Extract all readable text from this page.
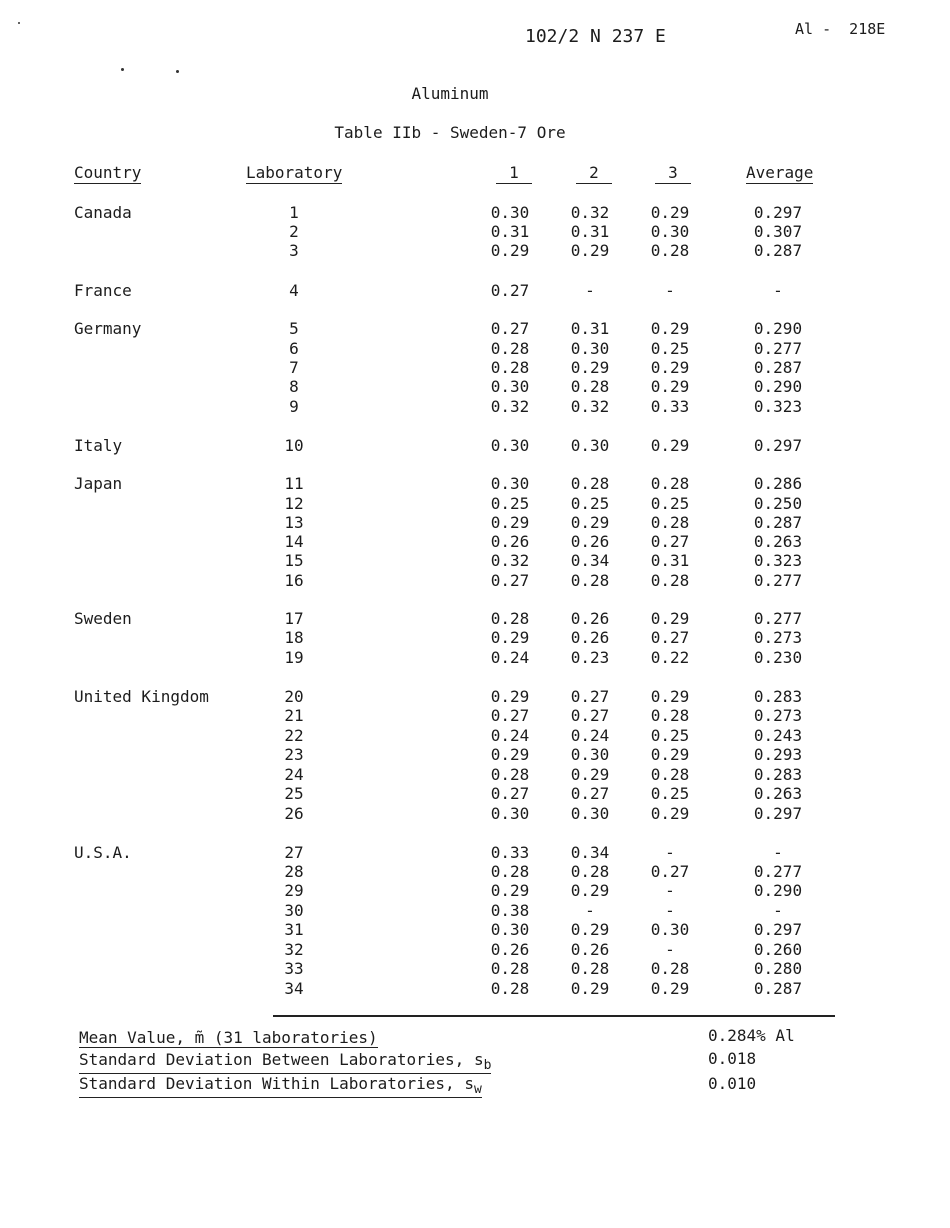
102/2 N 237 E	Al -  218E
Aluminum
Table IIb - Sweden-7 Ore
Country	Laboratory	1	2	3	Average
Canada	1	0.30	0.32	0.29	0.297
2	0.31	0.31	0.30	0.307
3	0.29	0.29	0.28	0.287
France	4	0.27	-	-	-
Germany	5	0.27	0.31	0.29	0.290
6	0.28	0.30	0.25	0.277
7	0.28	0.29	0.29	0.287
8	0.30	0.28	0.29	0.290
9	0.32	0.32	0.33	0.323
Italy	10	0.30	0.30	0.29	0.297
Japan	11	0.30	0.28	0.28	0.286
12	0.25	0.25	0.25	0.250
13	0.29	0.29	0.28	0.287
14	0.26	0.26	0.27	0.263
15	0.32	0.34	0.31	0.323
16	0.27	0.28	0.28	0.277
Sweden	17	0.28	0.26	0.29	0.277
18	0.29	0.26	0.27	0.273
19	0.24	0.23	0.22	0.230
United Kingdom	20	0.29	0.27	0.29	0.283
21	0.27	0.27	0.28	0.273
22	0.24	0.24	0.25	0.243
23	0.29	0.30	0.29	0.293
24	0.28	0.29	0.28	0.283
25	0.27	0.27	0.25	0.263
26	0.30	0.30	0.29	0.297
U.S.A.	27	0.33	0.34	-	-
28	0.28	0.28	0.27	0.277
29	0.29	0.29	-	0.290
30	0.38	-	-	-
31	0.30	0.29	0.30	0.297
32	0.26	0.26	-	0.260
33	0.28	0.28	0.28	0.280
34	0.28	0.29	0.29	0.287
Mean Value, m̃ (31 laboratories)	0.284% Al
Standard Deviation Between Laboratories, $s_b$	0.018
Standard Deviation Within Laboratories, $s_w$	0.010
